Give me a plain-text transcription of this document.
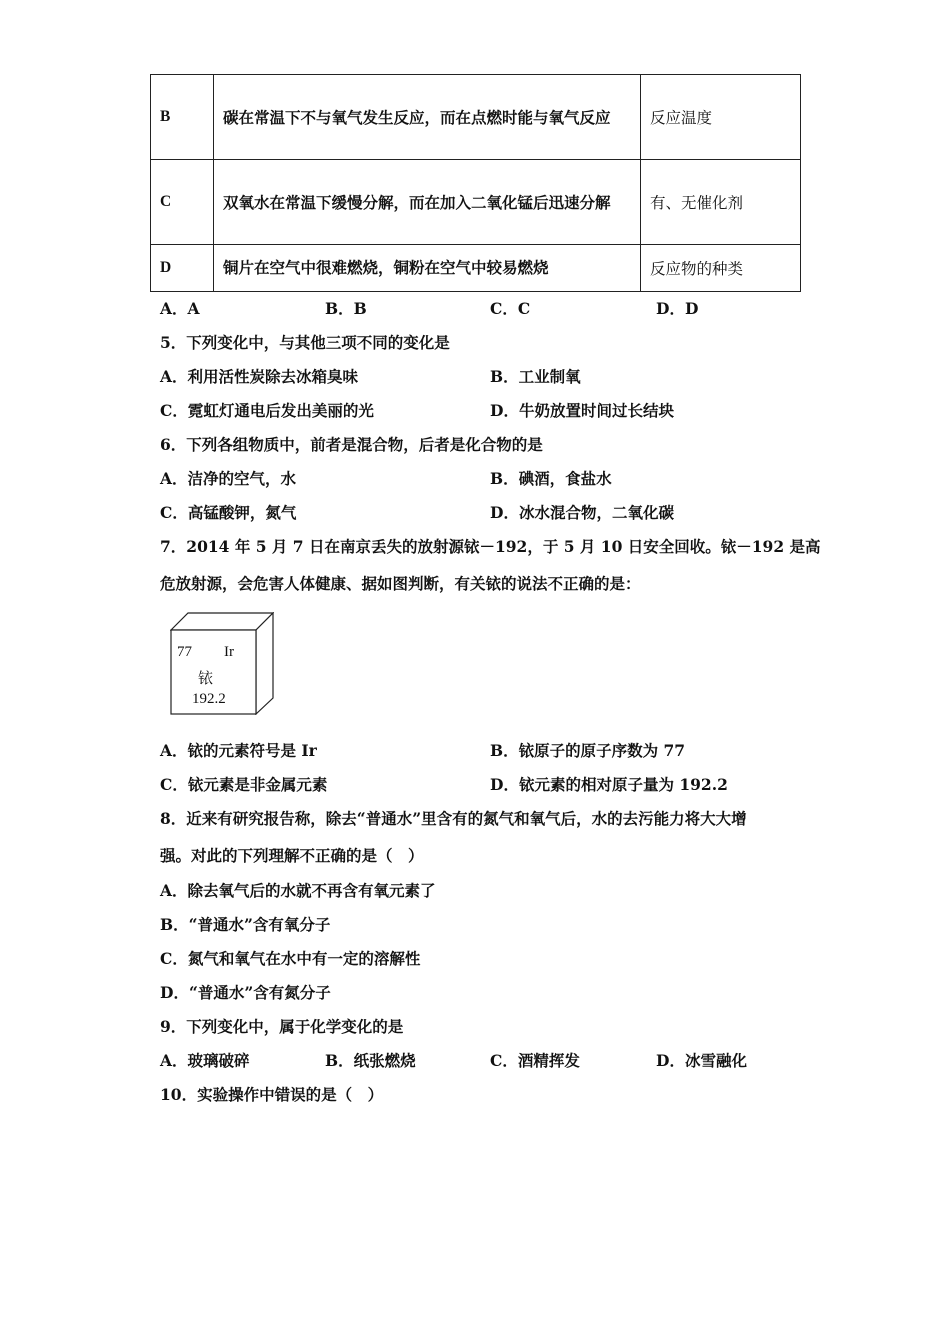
B	碳在常温下不与氧气发生反应，而在点燃时能与氧气反应	反应温度
C	双氧水在常温下缓慢分解，而在加入二氧化锰后迅速分解	有、无催化剂
D	铜片在空气中很难燃烧，铜粉在空气中较易燃烧	反应物的种类
A．A	B．B	C．C	D．D
5．下列变化中，与其他三项不同的变化是
A．利用活性炭除去冰箱臭味	B．工业制氧
C．霓虹灯通电后发出美丽的光	D．牛奶放置时间过长结块
6．下列各组物质中，前者是混合物，后者是化合物的是
A．洁净的空气，水	B．碘酒，食盐水
C．高锰酸钾，氮气	D．冰水混合物，二氧化碳
7．2014 年 5 月 7 日在南京丢失的放射源铱－192，于 5 月 10 日安全回收。铱－192 是高
危放射源，会危害人体健康、据如图判断，有关铱的说法不正确的是：
77 Ir
铱
192.2
A．铱的元素符号是 Ir	B．铱原子的原子序数为 77
C．铱元素是非金属元素	D．铱元素的相对原子量为 192.2
8．近来有研究报告称，除去“普通水”里含有的氮气和氧气后，水的去污能力将大大增
强。对此的下列理解不正确的是（　）
A．除去氧气后的水就不再含有氧元素了
B．“普通水”含有氧分子
C．氮气和氧气在水中有一定的溶解性
D．“普通水”含有氮分子
9．下列变化中，属于化学变化的是
A．玻璃破碎	B．纸张燃烧	C．酒精挥发	D．冰雪融化
10．实验操作中错误的是（　）
